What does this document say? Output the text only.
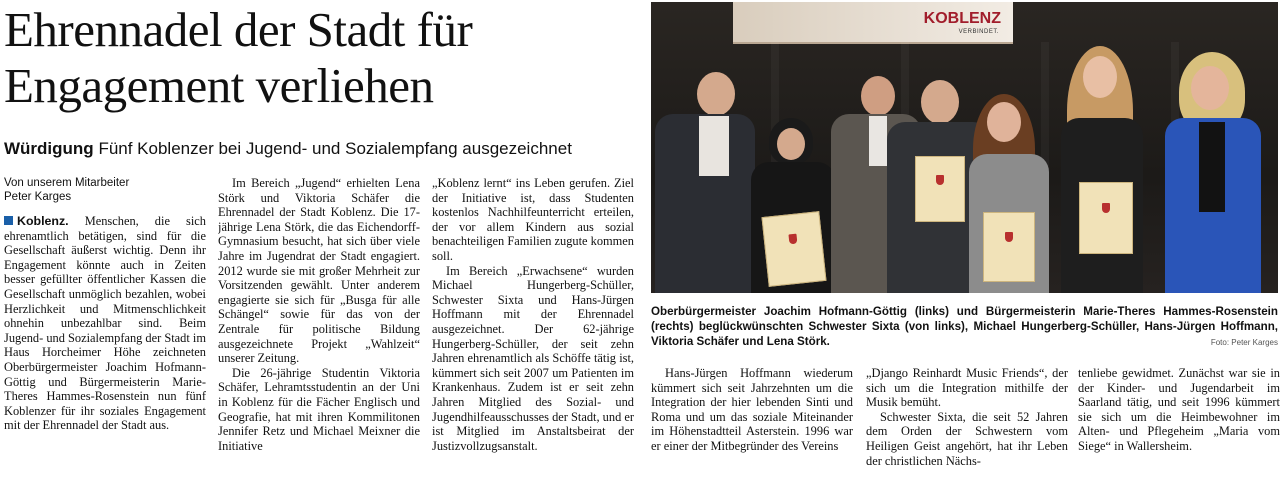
Ehrennadel der Stadt für
Engagement verliehen
Würdigung Fünf Koblenzer bei Jugend- und Sozialempfang ausgezeichnet
Von unserem Mitarbeiter
Peter Karges

Koblenz. Menschen, die sich ehrenamtlich betätigen, sind für die Gesellschaft äußerst wichtig. Denn ihr Engagement könnte auch in Zeiten besser gefüllter öffentlicher Kassen die Gesellschaft unmöglich bezahlen, wobei Herzlichkeit und Mitmenschlichkeit ohnehin unbezahlbar sind. Beim Jugend- und Sozialempfang der Stadt im Haus Horcheimer Höhe zeichneten Oberbürgermeister Joachim Hofmann-Göttig und Bürgermeisterin Marie-Theres Hammes-Rosenstein nun fünf Koblenzer für ihr soziales Engagement mit der Ehrennadel der Stadt aus.

Im Bereich „Jugend“ erhielten Lena Störk und Viktoria Schäfer die Ehrennadel der Stadt Koblenz. Die 17-jährige Lena Störk, die das Eichendorff-Gymnasium besucht, hat sich über viele Jahre im Jugendrat der Stadt engagiert. 2012 wurde sie mit großer Mehrheit zur Vorsitzenden gewählt. Unter anderem engagierte sie sich für „Busga für alle Schängel“ sowie für das von der Zentrale für politische Bildung ausgezeichnete Projekt „Wahlzeit“ unserer Zeitung.

Die 26-jährige Studentin Viktoria Schäfer, Lehramtsstudentin an der Uni in Koblenz für die Fächer Englisch und Geografie, hat mit ihren Kommilitonen Jennifer Retz und Michael Meixner die Initiative

„Koblenz lernt“ ins Leben gerufen. Ziel der Initiative ist, dass Studenten kostenlos Nachhilfeunterricht erteilen, der vor allem Kindern aus sozial benachteiligen Familien zugute kommen soll.

Im Bereich „Erwachsene“ wurden Michael Hungerberg-Schüller, Schwester Sixta und Hans-Jürgen Hoffmann mit der Ehrennadel ausgezeichnet. Der 62-jährige Hungerberg-Schüller, der seit zehn Jahren ehrenamtlich als Schöffe tätig ist, kümmert sich seit 2007 um Patienten im Krankenhaus. Zudem ist er seit zehn Jahren Mitglied des Sozial- und Jugendhilfeausschusses der Stadt, und er ist Mitglied im Anstaltsbeirat der Justizvollzugsanstalt.

KOBLENZ
VERBINDET.
Oberbürgermeister Joachim Hofmann-Göttig (links) und Bürgermeisterin Marie-Theres Hammes-Rosenstein (rechts) beglückwünschten Schwester Sixta (von links), Michael Hungerberg-Schüller, Hans-Jürgen Hoffmann, Viktoria Schäfer und Lena Störk.	Foto: Peter Karges

Hans-Jürgen Hoffmann wiederum kümmert sich seit Jahrzehnten um die Integration der hier lebenden Sinti und Roma und um das soziale Miteinander im Höhenstadtteil Asterstein. 1996 war er einer der Mitbegründer des Vereins

„Django Reinhardt Music Friends“, der sich um die Integration mithilfe der Musik bemüht.

Schwester Sixta, die seit 52 Jahren dem Orden der Schwestern vom Heiligen Geist angehört, hat ihr Leben der christlichen Nächs-

tenliebe gewidmet. Zunächst war sie in der Kinder- und Jugendarbeit im Saarland tätig, und seit 1996 kümmert sie sich um die Heimbewohner im Alten- und Pflegeheim „Maria vom Siege“ in Wallersheim.
